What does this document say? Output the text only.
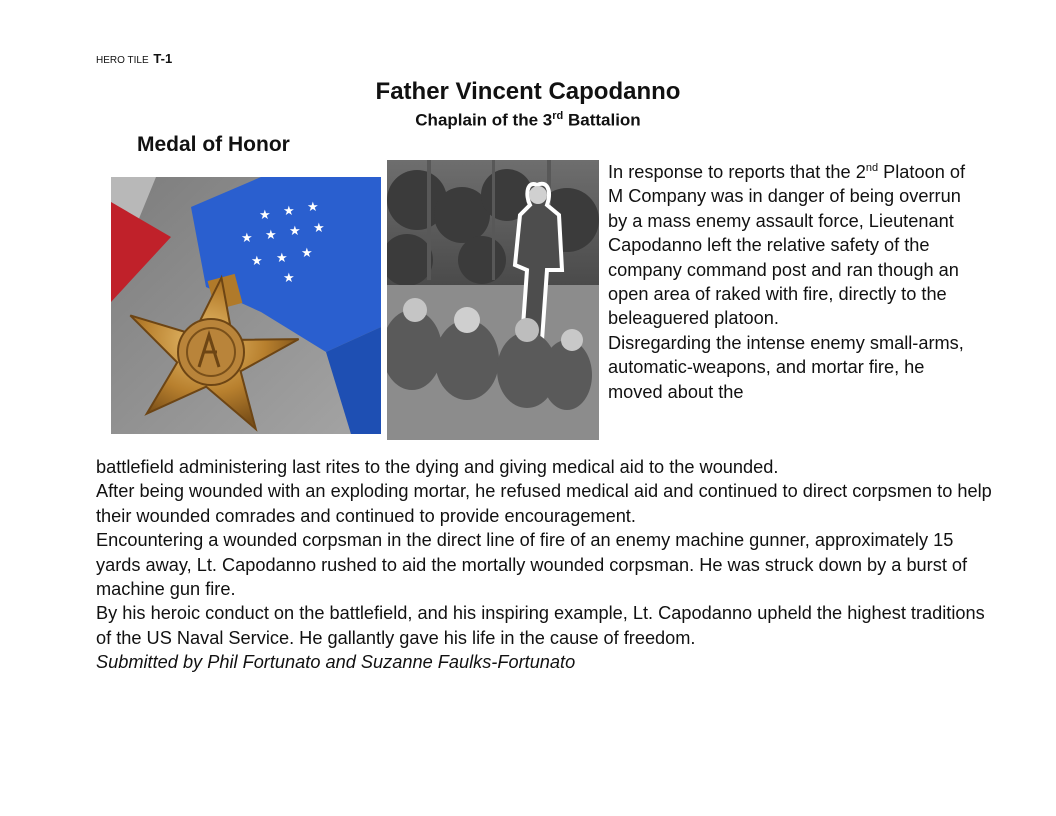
HERO TILE T-1
Father Vincent Capodanno
Chaplain of the 3rd Battalion
Medal of Honor
★ ★ ★
★ ★ ★ ★
★ ★ ★
★

In response to reports that the 2nd Platoon of M Company was in danger of being overrun by a mass enemy assault force, Lieutenant Capodanno left the relative safety of the company command post and ran though an open area of raked with fire, directly to the beleaguered platoon.

Disregarding the intense enemy small-arms, automatic-weapons, and mortar fire, he moved about the

battlefield administering last rites to the dying and giving medical aid to the wounded.

After being wounded with an exploding mortar, he refused medical aid and continued to direct corpsmen to help their wounded comrades and continued to provide encouragement.

Encountering a wounded corpsman in the direct line of fire of an enemy machine gunner, approximately 15 yards away, Lt. Capodanno rushed to aid the mortally wounded corpsman. He was struck down by a burst of machine gun fire.

By his heroic conduct on the battlefield, and his inspiring example, Lt. Capodanno upheld the highest traditions of the US Naval Service. He gallantly gave his life in the cause of freedom.

Submitted by Phil Fortunato and Suzanne Faulks-Fortunato
